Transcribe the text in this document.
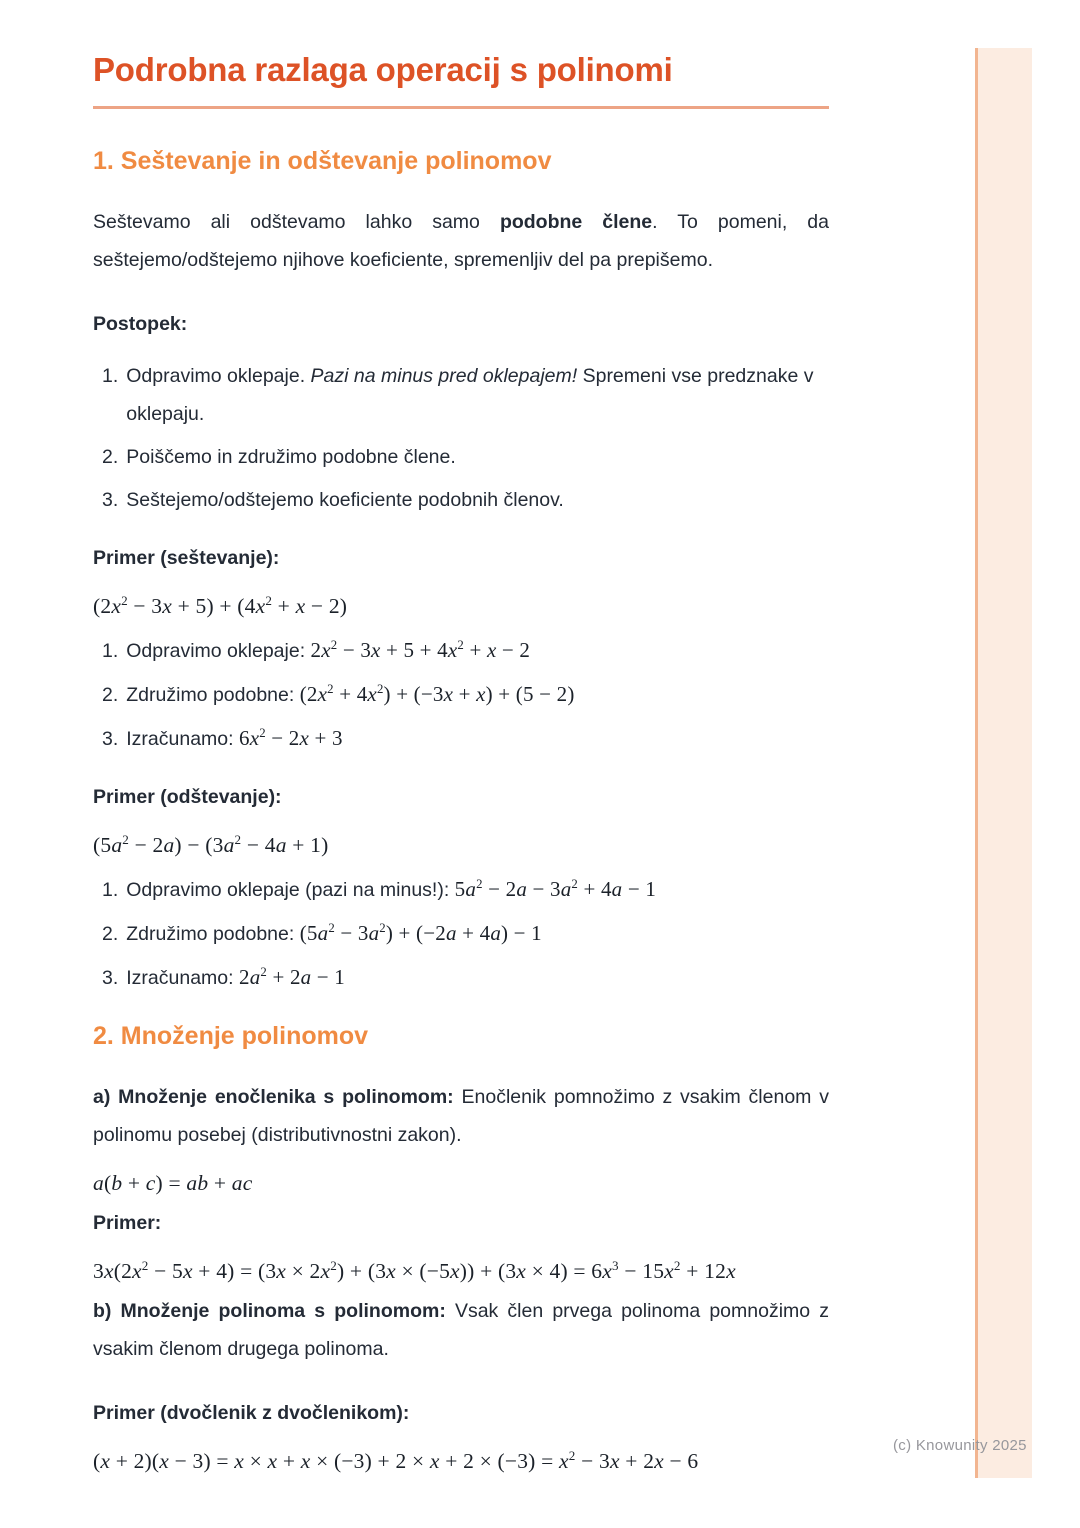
(c) Knowunity 2025
Podrobna razlaga operacij s polinomi
1. Seštevanje in odštevanje polinomov

Seštevamo ali odštevamo lahko samo podobne člene. To pomeni, da seštejemo/odštejemo njihove koeficiente, spremenljiv del pa prepišemo.

Postopek:

1. Odpravimo oklepaje. Pazi na minus pred oklepajem! Spremeni vse predznake v oklepaju.
2. Poiščemo in združimo podobne člene.
3. Seštejemo/odštejemo koeficiente podobnih členov.

Primer (seštevanje):

$(2x^2 - 3x + 5) + (4x^2 + x - 2)$
1. Odpravimo oklepaje: $2x^2 - 3x + 5 + 4x^2 + x - 2$
2. Združimo podobne: $(2x^2 + 4x^2) + (-3x + x) + (5 - 2)$
3. Izračunamo: $6x^2 - 2x + 3$

Primer (odštevanje):

$(5a^2 - 2a) - (3a^2 - 4a + 1)$
1. Odpravimo oklepaje (pazi na minus!): $5a^2 - 2a - 3a^2 + 4a - 1$
2. Združimo podobne: $(5a^2 - 3a^2) + (-2a + 4a) - 1$
3. Izračunamo: $2a^2 + 2a - 1$
2. Množenje polinomov

a) Množenje enočlenika s polinomom: Enočlenik pomnožimo z vsakim členom v polinomu posebej (distributivnostni zakon).

a(b + c) = ab + ac

Primer:

$3x(2x^2 - 5x + 4) = (3x \times 2x^2) + (3x \times (-5x)) + (3x \times 4) = 6x^3 - 15x^2 + 12x$

b) Množenje polinoma s polinomom: Vsak člen prvega polinoma pomnožimo z vsakim členom drugega polinoma.

Primer (dvočlenik z dvočlenikom):

$(x + 2)(x - 3) = x \times x + x \times (-3) + 2 \times x + 2 \times (-3) = x^2 - 3x + 2x - 6$
